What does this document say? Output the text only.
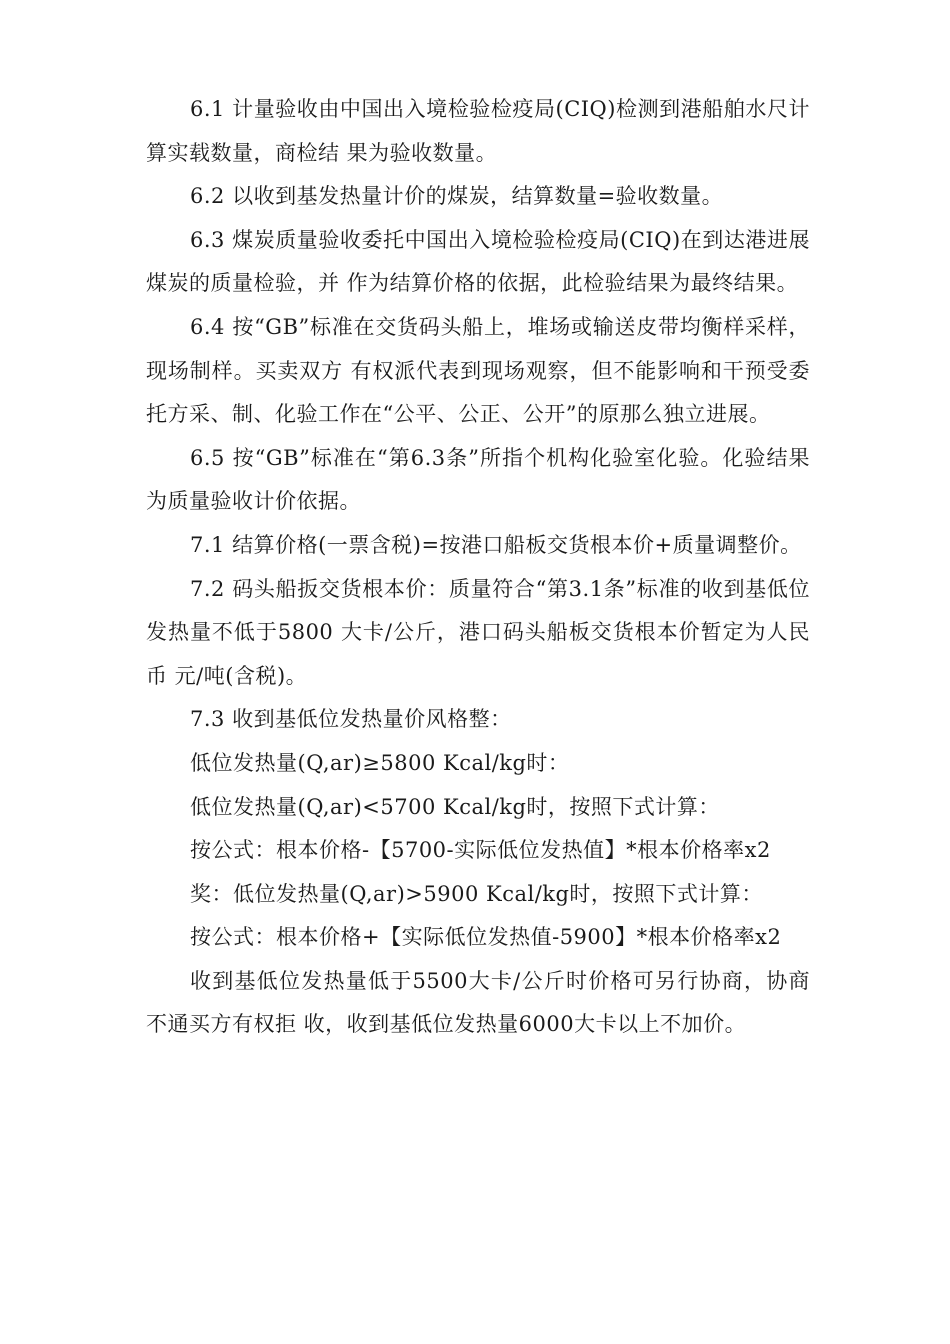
6.1 计量验收由中国出入境检验检疫局(CIQ)检测到港船舶水尺计算实载数量，商检结 果为验收数量。

6.2 以收到基发热量计价的煤炭，结算数量=验收数量。

6.3 煤炭质量验收委托中国出入境检验检疫局(CIQ)在到达港进展煤炭的质量检验，并 作为结算价格的依据，此检验结果为最终结果。

6.4 按“GB”标准在交货码头船上，堆场或输送皮带均衡样采样，现场制样。买卖双方 有权派代表到现场观察，但不能影响和干预受委托方采、制、化验工作在“公平、公正、公开”的原那么独立进展。

6.5 按“GB”标准在“第6.3条”所指个机构化验室化验。化验结果为质量验收计价依据。

7.1 结算价格(一票含税)=按港口船板交货根本价+质量调整价。

7.2 码头船扳交货根本价：质量符合“第3.1条”标准的收到基低位发热量不低于5800 大卡/公斤，港口码头船板交货根本价暂定为人民币 元/吨(含税)。

7.3 收到基低位发热量价风格整：

低位发热量(Q,ar)≥5800 Kcal/kg时：

低位发热量(Q,ar)<5700 Kcal/kg时，按照下式计算：

按公式：根本价格-【5700-实际低位发热值】*根本价格率x2

奖：低位发热量(Q,ar)>5900 Kcal/kg时，按照下式计算：

按公式：根本价格+【实际低位发热值-5900】*根本价格率x2

收到基低位发热量低于5500大卡/公斤时价格可另行协商，协商不通买方有权拒 收，收到基低位发热量6000大卡以上不加价。
